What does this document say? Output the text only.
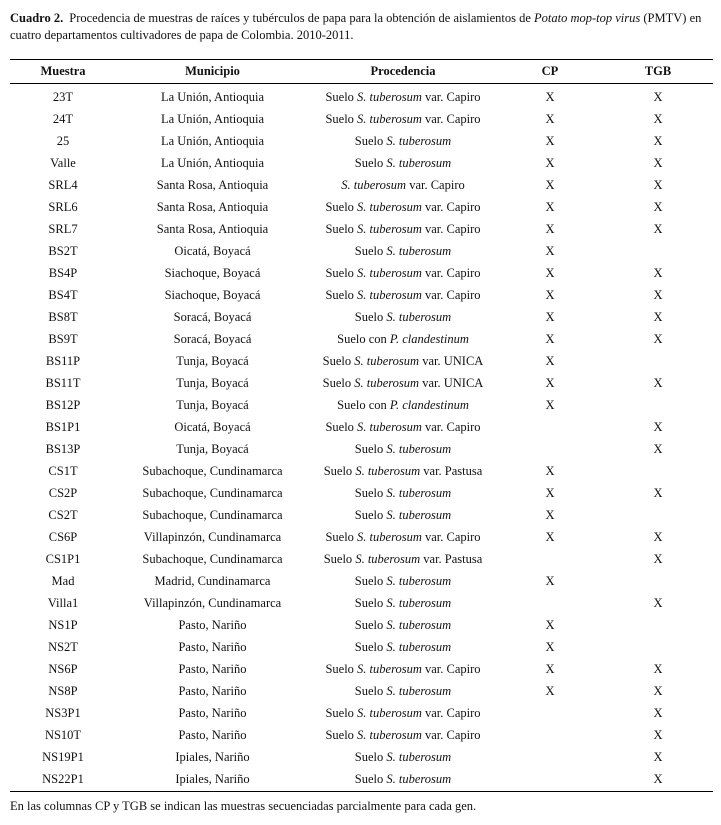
Cuadro 2. Procedencia de muestras de raíces y tubérculos de papa para la obtención de aislamientos de Potato mop-top virus (PMTV) en cuatro departamentos cultivadores de papa de Colombia. 2010-2011.
Muestra	Municipio	Procedencia	CP	TGB
23T	La Unión, Antioquia	Suelo S. tuberosum var. Capiro	X	X
24T	La Unión, Antioquia	Suelo S. tuberosum var. Capiro	X	X
25	La Unión, Antioquia	Suelo S. tuberosum	X	X
Valle	La Unión, Antioquia	Suelo S. tuberosum	X	X
SRL4	Santa Rosa, Antioquia	S. tuberosum var. Capiro	X	X
SRL6	Santa Rosa, Antioquia	Suelo S. tuberosum var. Capiro	X	X
SRL7	Santa Rosa, Antioquia	Suelo S. tuberosum var. Capiro	X	X
BS2T	Oicatá, Boyacá	Suelo S. tuberosum	X	
BS4P	Siachoque, Boyacá	Suelo S. tuberosum var. Capiro	X	X
BS4T	Siachoque, Boyacá	Suelo S. tuberosum var. Capiro	X	X
BS8T	Soracá, Boyacá	Suelo S. tuberosum	X	X
BS9T	Soracá, Boyacá	Suelo con P. clandestinum	X	X
BS11P	Tunja, Boyacá	Suelo S. tuberosum var. UNICA	X	
BS11T	Tunja, Boyacá	Suelo S. tuberosum var. UNICA	X	X
BS12P	Tunja, Boyacá	Suelo con P. clandestinum	X	
BS1P1	Oicatá, Boyacá	Suelo S. tuberosum var. Capiro		X
BS13P	Tunja, Boyacá	Suelo S. tuberosum		X
CS1T	Subachoque, Cundinamarca	Suelo S. tuberosum var. Pastusa	X	
CS2P	Subachoque, Cundinamarca	Suelo S. tuberosum	X	X
CS2T	Subachoque, Cundinamarca	Suelo S. tuberosum	X	
CS6P	Villapinzón, Cundinamarca	Suelo S. tuberosum var. Capiro	X	X
CS1P1	Subachoque, Cundinamarca	Suelo S. tuberosum var. Pastusa		X
Mad	Madrid, Cundinamarca	Suelo S. tuberosum	X	
Villa1	Villapinzón, Cundinamarca	Suelo S. tuberosum		X
NS1P	Pasto, Nariño	Suelo S. tuberosum	X	
NS2T	Pasto, Nariño	Suelo S. tuberosum	X	
NS6P	Pasto, Nariño	Suelo S. tuberosum var. Capiro	X	X
NS8P	Pasto, Nariño	Suelo S. tuberosum	X	X
NS3P1	Pasto, Nariño	Suelo S. tuberosum var. Capiro		X
NS10T	Pasto, Nariño	Suelo S. tuberosum var. Capiro		X
NS19P1	Ipiales, Nariño	Suelo S. tuberosum		X
NS22P1	Ipiales, Nariño	Suelo S. tuberosum		X
En las columnas CP y TGB se indican las muestras secuenciadas parcialmente para cada gen.
